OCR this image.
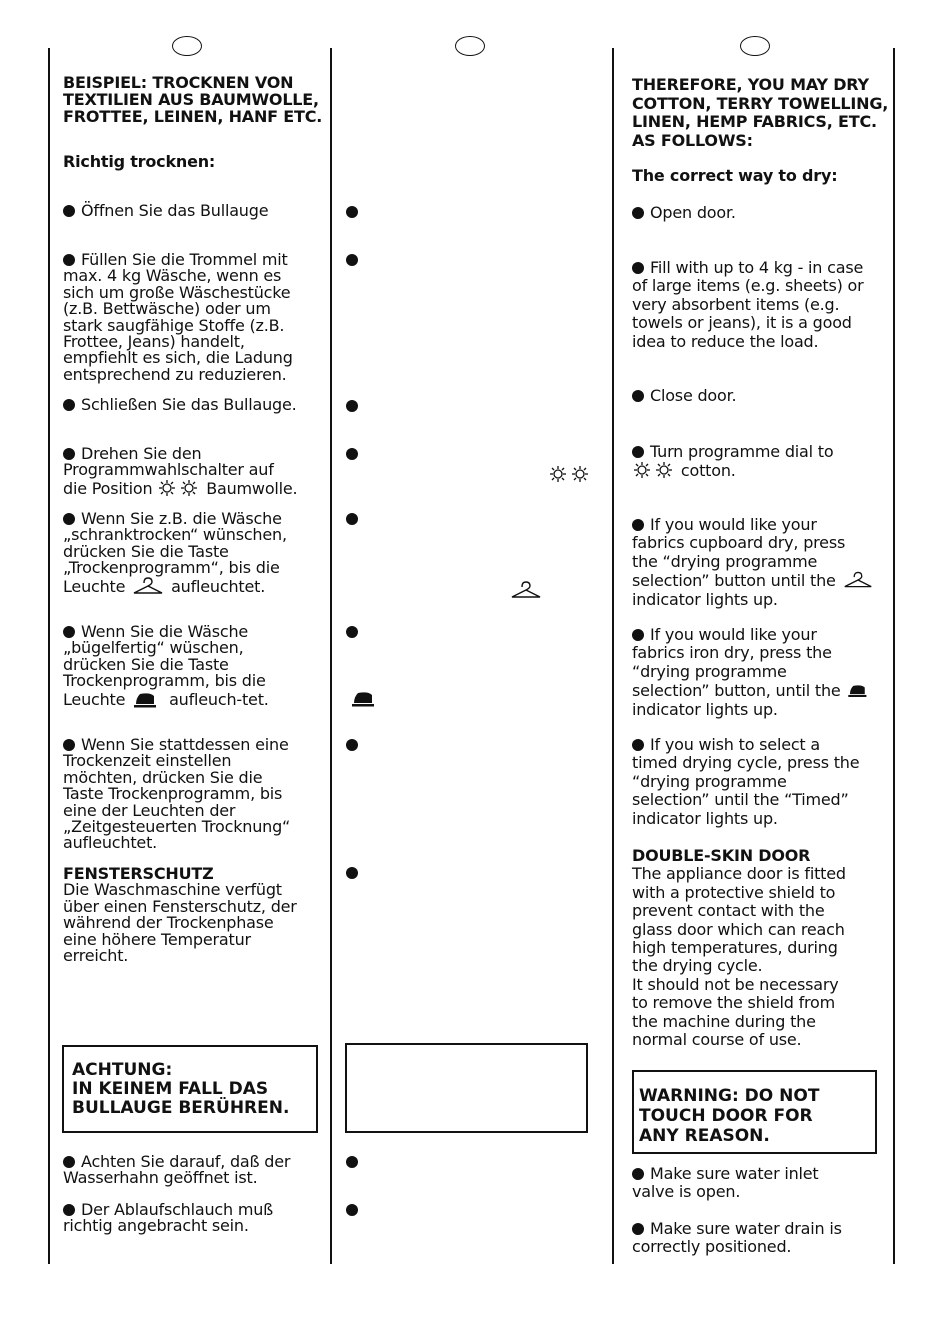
BEISPIEL: TROCKNEN VON
TEXTILIEN AUS BAUMWOLLE,
FROTTEE, LEINEN, HANF ETC.
Richtig trocknen:
Öffnen Sie das Bullauge
Füllen Sie die Trommel mit
max. 4 kg Wäsche, wenn es
sich um große Wäschestücke
(z.B. Bettwäsche) oder um
stark saugfähige Stoffe (z.B.
Frottee, Jeans) handelt,
empfiehlt es sich, die Ladung
entsprechend zu reduzieren.
Schließen Sie das Bullauge.
Drehen Sie den
Programmwahlschalter auf
die Position	Baumwolle.
Wenn Sie z.B. die Wäsche
„schranktrocken“ wünschen,
drücken Sie die Taste
„Trockenprogramm“, bis die
Leuchte	aufleuchtet.
Wenn Sie die Wäsche
„bügelfertig“ wüschen,
drücken Sie die Taste
Trockenprogramm, bis die
Leuchte	aufleuch-tet.
Wenn Sie stattdessen eine
Trockenzeit einstellen
möchten, drücken Sie die
Taste Trockenprogramm, bis
eine der Leuchten der
„Zeitgesteuerten Trocknung“
aufleuchtet.
FENSTERSCHUTZ
Die Waschmaschine verfügt
über einen Fensterschutz, der
während der Trockenphase
eine höhere Temperatur
erreicht.
ACHTUNG:
IN KEINEM FALL DAS
BULLAUGE BERÜHREN.
Achten Sie darauf, daß der
Wasserhahn geöffnet ist.
Der Ablaufschlauch muß
richtig angebracht sein.
THEREFORE, YOU MAY DRY
COTTON, TERRY TOWELLING,
LINEN, HEMP FABRICS, ETC.
AS FOLLOWS:
The correct way to dry:
Open door.
Fill with up to 4 kg - in case
of large items (e.g. sheets) or
very absorbent items (e.g.
towels or jeans), it is a good
idea to reduce the load.
Close door.
Turn programme dial to
cotton.
If you would like your
fabrics cupboard dry, press
the “drying programme
selection” button until the
indicator lights up.
If you would like your
fabrics iron dry, press the
“drying programme
selection” button, until the
indicator lights up.
If you wish to select a
timed drying cycle, press the
“drying programme
selection” until the “Timed”
indicator lights up.
DOUBLE-SKIN DOOR
The appliance door is fitted
with a protective shield to
prevent contact with the
glass door which can reach
high temperatures, during
the drying cycle.
It should not be necessary
to remove the shield from
the machine during the
normal course of use.
WARNING: DO NOT
TOUCH DOOR FOR
ANY REASON.
Make sure water inlet
valve is open.
Make sure water drain is
correctly positioned.
